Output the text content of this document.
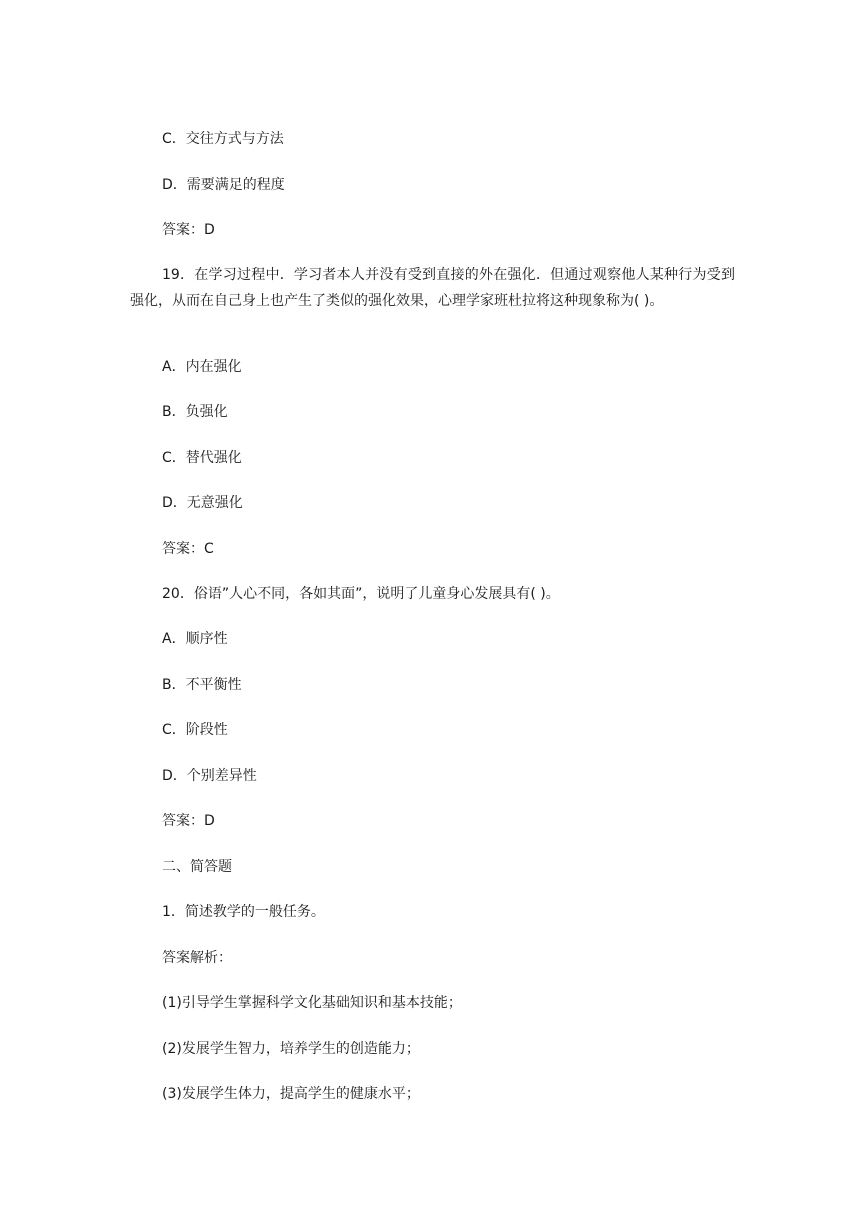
C．交往方式与方法
D．需要满足的程度
答案：D
19．在学习过程中．学习者本人并没有受到直接的外在强化．但通过观察他人某种行为受到强化，从而在自己身上也产生了类似的强化效果，心理学家班杜拉将这种现象称为( )。
A．内在强化
B．负强化
C．替代强化
D．无意强化
答案：C
20．俗语”人心不同，各如其面”，说明了儿童身心发展具有( )。
A．顺序性
B．不平衡性
C．阶段性
D．个别差异性
答案：D
二、简答题
1．简述教学的一般任务。
答案解析：
(1)引导学生掌握科学文化基础知识和基本技能；
(2)发展学生智力，培养学生的创造能力；
(3)发展学生体力，提高学生的健康水平；
